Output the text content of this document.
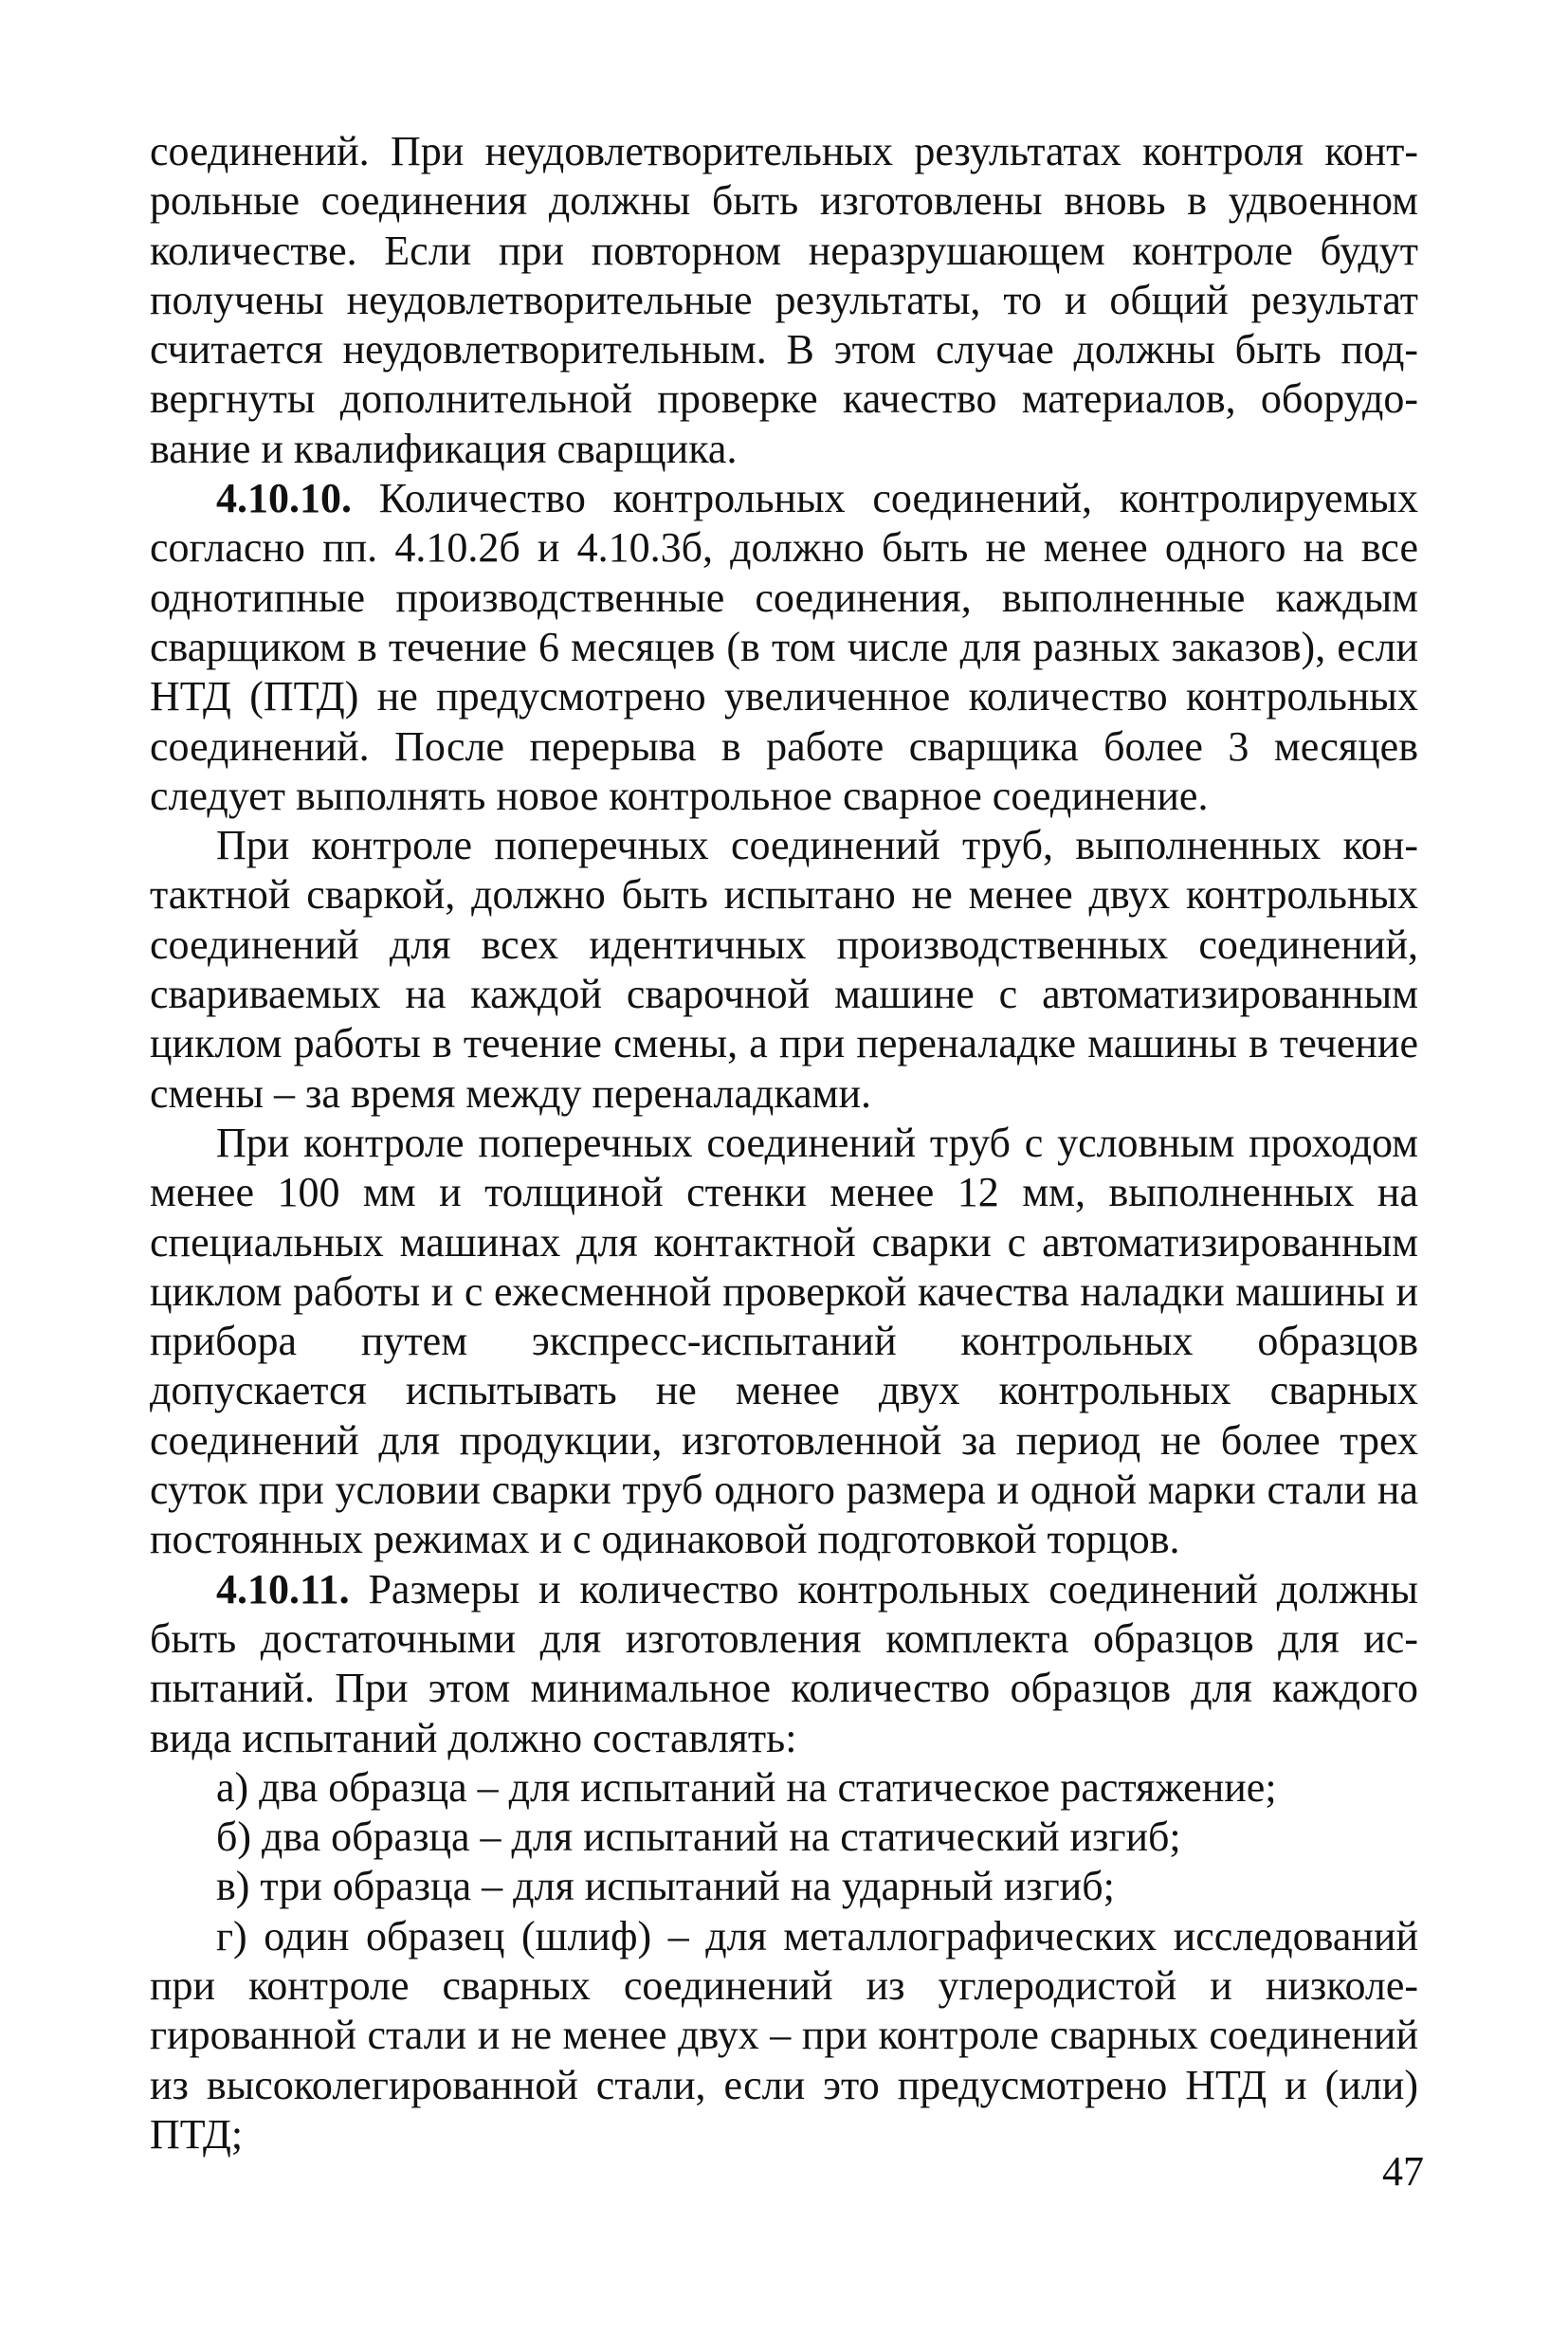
соединений. При неудовлетворительных результатах контроля контрольные соединения должны быть изготовлены вновь в удвоенном количестве. Если при повторном неразрушающем контроле будут получены неудовлетворительные результаты, то и общий результат считается неудовлетворительным. В этом случае должны быть подвергнуты дополнительной проверке качество материалов, оборудование и квалификация сварщика.

4.10.10. Количество контрольных соединений, контролируемых согласно пп. 4.10.2б и 4.10.3б, должно быть не менее одного на все однотипные производственные соединения, выполненные каждым сварщиком в течение 6 месяцев (в том числе для разных заказов), если НТД (ПТД) не предусмотрено увеличенное количество контрольных соединений. После перерыва в работе сварщика более 3 месяцев следует выполнять новое контрольное сварное соединение.

При контроле поперечных соединений труб, выполненных контактной сваркой, должно быть испытано не менее двух контрольных соединений для всех идентичных производственных соединений, свариваемых на каждой сварочной машине с автоматизированным циклом работы в течение смены, а при переналадке машины в течение смены – за время между переналадками.

При контроле поперечных соединений труб с условным проходом менее 100 мм и толщиной стенки менее 12 мм, выполненных на специальных машинах для контактной сварки с автоматизированным циклом работы и с ежесменной проверкой качества наладки машины и прибора путем экспресс-испытаний контрольных образцов допускается испытывать не менее двух контрольных сварных соединений для продукции, изготовленной за период не более трех суток при условии сварки труб одного размера и одной марки стали на постоянных режимах и с одинаковой подготовкой торцов.

4.10.11. Размеры и количество контрольных соединений должны быть достаточными для изготовления комплекта образцов для испытаний. При этом минимальное количество образцов для каждого вида испытаний должно составлять:

а) два образца – для испытаний на статическое растяжение;

б) два образца – для испытаний на статический изгиб;

в) три образца – для испытаний на ударный изгиб;

г) один образец (шлиф) – для металлографических исследований при контроле сварных соединений из углеродистой и низколегированной стали и не менее двух – при контроле сварных соединений из высоколегированной стали, если это предусмотрено НТД и (или) ПТД;

47
